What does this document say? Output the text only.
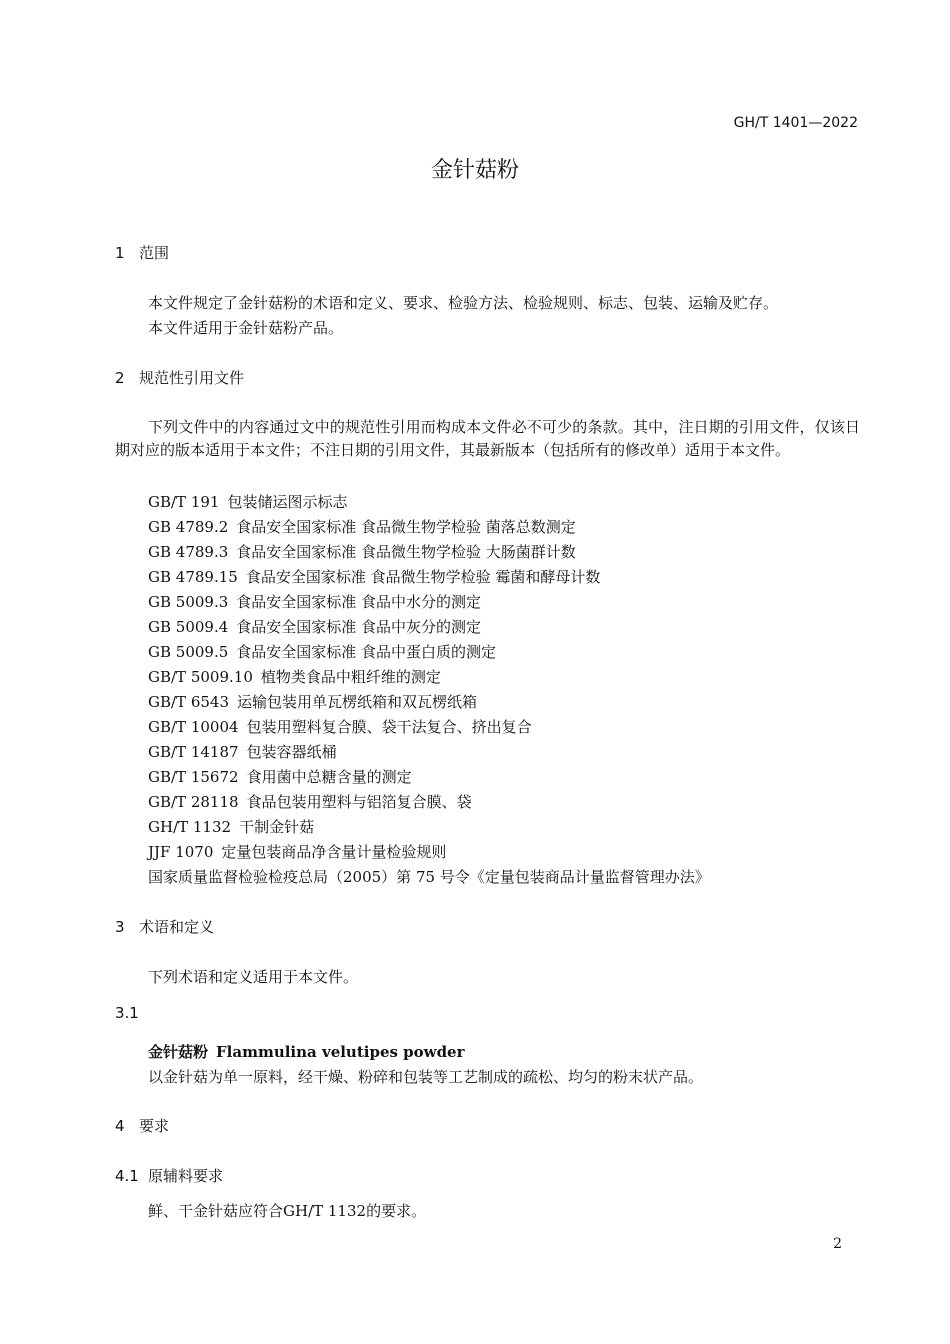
GH/T 1401—2022
金针菇粉
1 范围
本文件规定了金针菇粉的术语和定义、要求、检验方法、检验规则、标志、包装、运输及贮存。
本文件适用于金针菇粉产品。
2 规范性引用文件
下列文件中的内容通过文中的规范性引用而构成本文件必不可少的条款。其中，注日期的引用文件，仅该日期对应的版本适用于本文件；不注日期的引用文件，其最新版本（包括所有的修改单）适用于本文件。
GB/T 191 包装储运图示标志
GB 4789.2 食品安全国家标准 食品微生物学检验 菌落总数测定
GB 4789.3 食品安全国家标准 食品微生物学检验 大肠菌群计数
GB 4789.15 食品安全国家标准 食品微生物学检验 霉菌和酵母计数
GB 5009.3 食品安全国家标准 食品中水分的测定
GB 5009.4 食品安全国家标准 食品中灰分的测定
GB 5009.5 食品安全国家标准 食品中蛋白质的测定
GB/T 5009.10 植物类食品中粗纤维的测定
GB/T 6543 运输包装用单瓦楞纸箱和双瓦楞纸箱
GB/T 10004 包装用塑料复合膜、袋干法复合、挤出复合
GB/T 14187 包装容器纸桶
GB/T 15672 食用菌中总糖含量的测定
GB/T 28118 食品包装用塑料与铝箔复合膜、袋
GH/T 1132 干制金针菇
JJF 1070 定量包装商品净含量计量检验规则
国家质量监督检验检疫总局（2005）第 75 号令《定量包装商品计量监督管理办法》
3 术语和定义
下列术语和定义适用于本文件。
3.1
金针菇粉 Flammulina velutipes powder
以金针菇为单一原料，经干燥、粉碎和包装等工艺制成的疏松、均匀的粉末状产品。
4 要求
4.1 原辅料要求
鲜、干金针菇应符合GH/T 1132的要求。
2
